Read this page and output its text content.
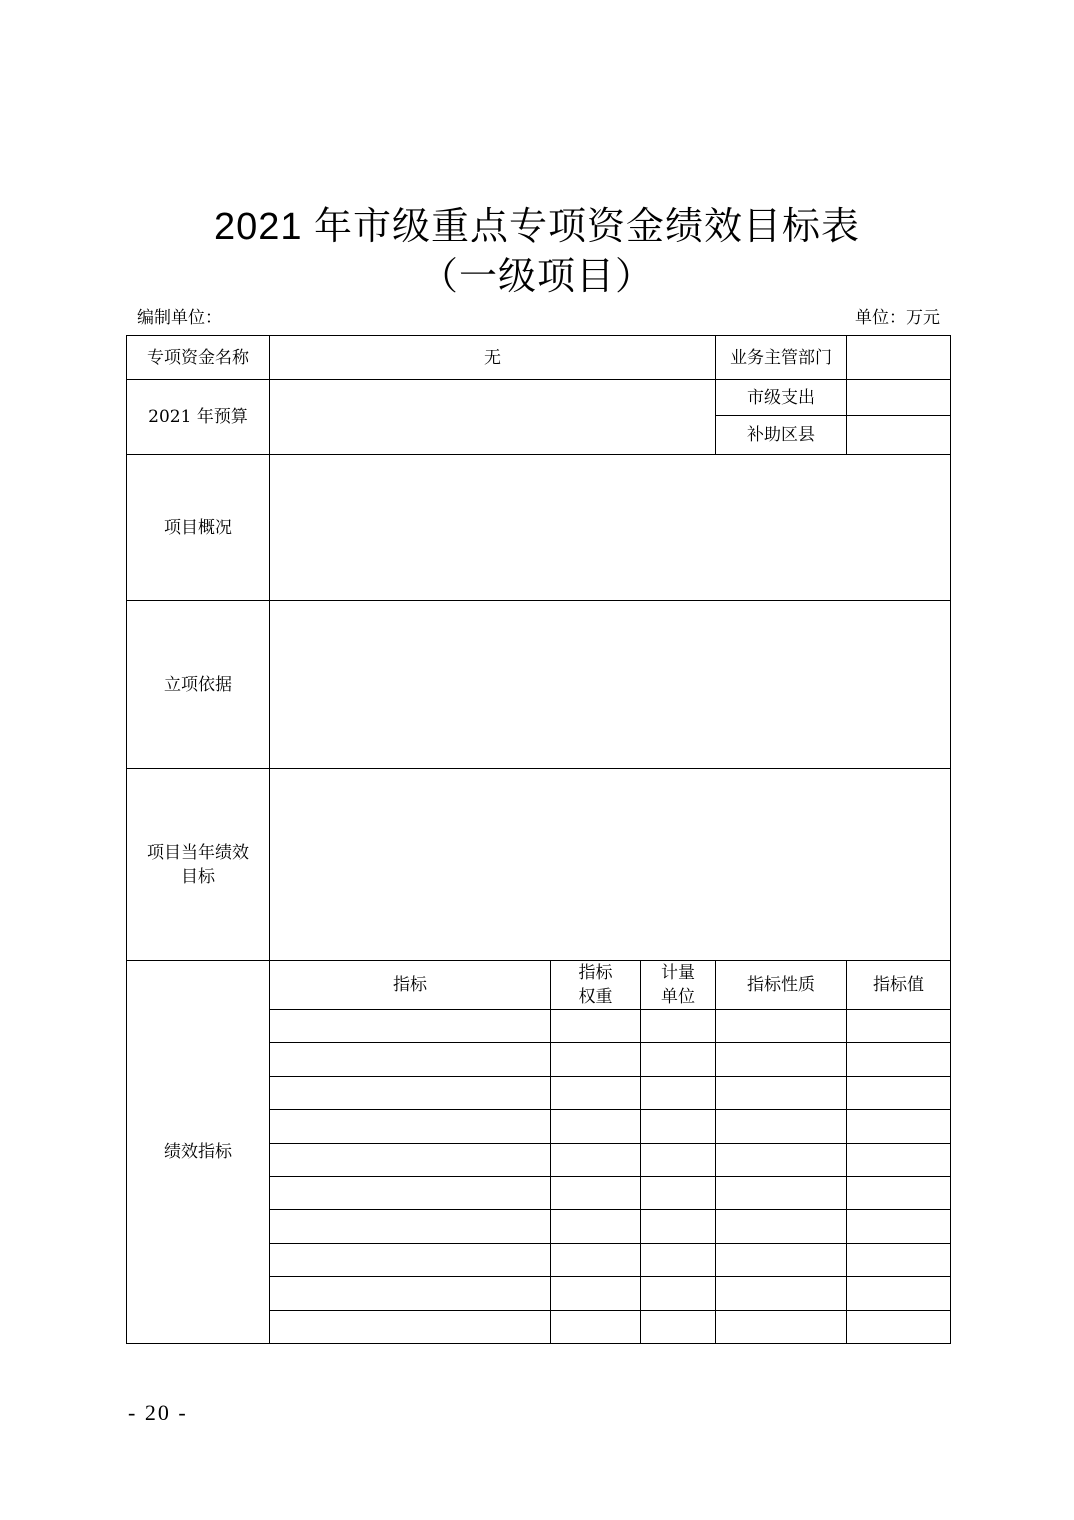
2021 年市级重点专项资金绩效目标表
（一级项目）
编制单位：	单位：万元
专项资金名称	无			业务主管部门	
2021 年预算				市级支出	
				补助区县	
项目概况					
立项依据					
项目当年绩效目标					
绩效指标	指标	指标权重	计量单位	指标性质	指标值

- 20 -
